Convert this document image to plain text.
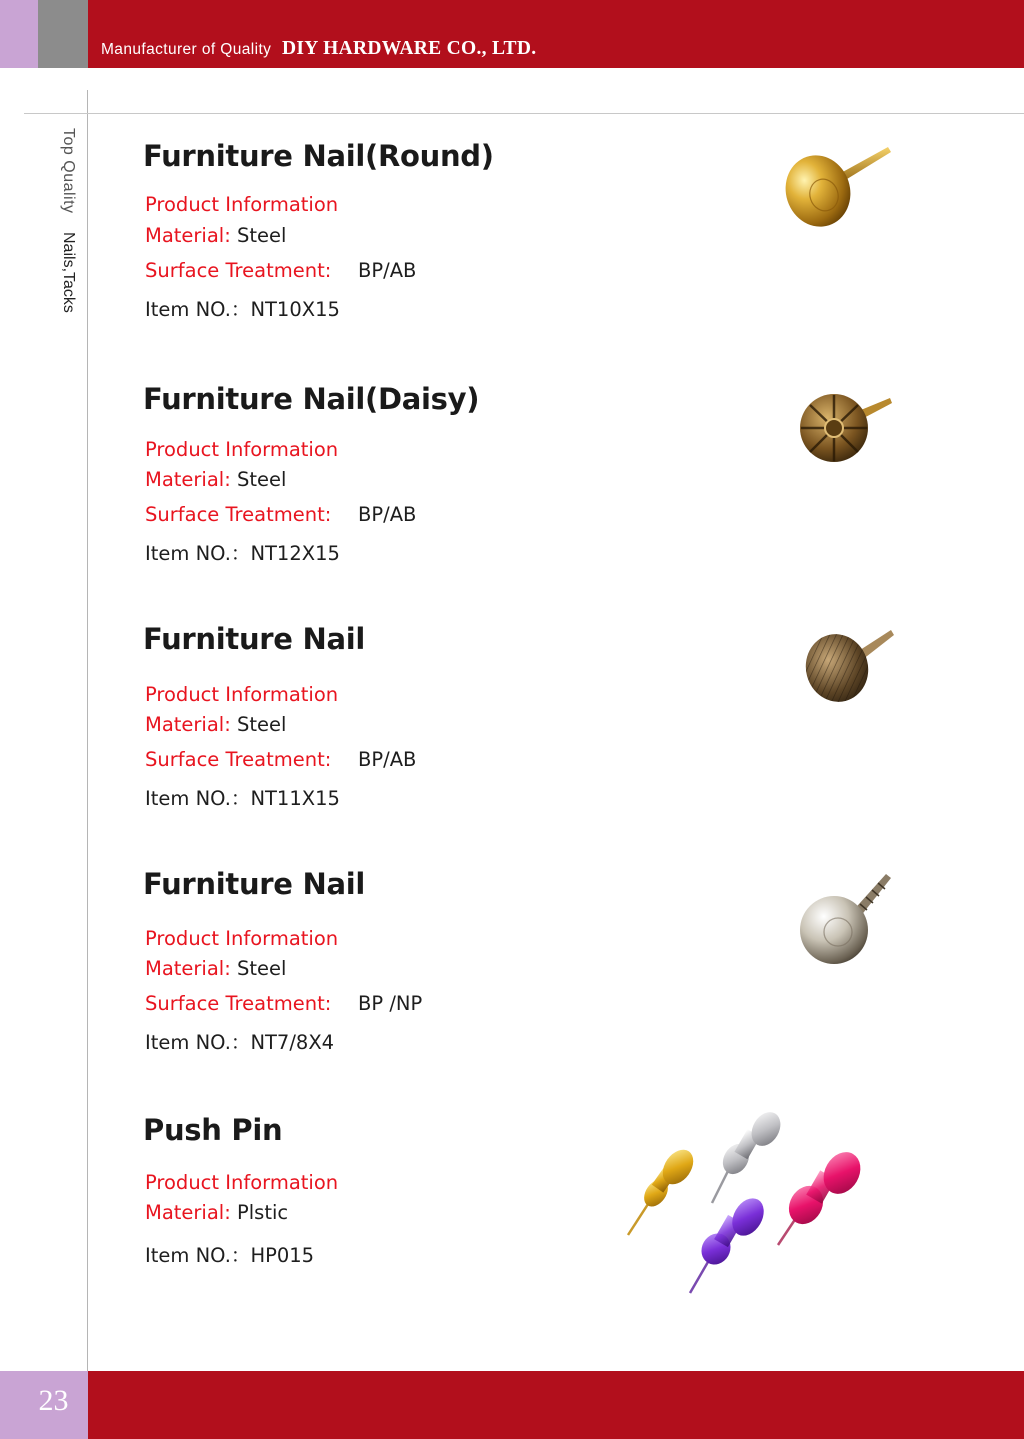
Manufacturer of Quality DIY HARDWARE CO., LTD.
Top Quality Nails,Tacks
Furniture Nail(Round)
Product Information
Material: Steel
Surface Treatment: BP/AB
Item NO.：NT10X15
Furniture Nail(Daisy)
Product Information
Material: Steel
Surface Treatment: BP/AB
Item NO.：NT12X15
Furniture Nail
Product Information
Material: Steel
Surface Treatment: BP/AB
Item NO.：NT11X15
Furniture Nail
Product Information
Material: Steel
Surface Treatment: BP /NP
Item NO.：NT7/8X4
Push Pin
Product Information
Material: Plstic
Item NO.：HP015
23
